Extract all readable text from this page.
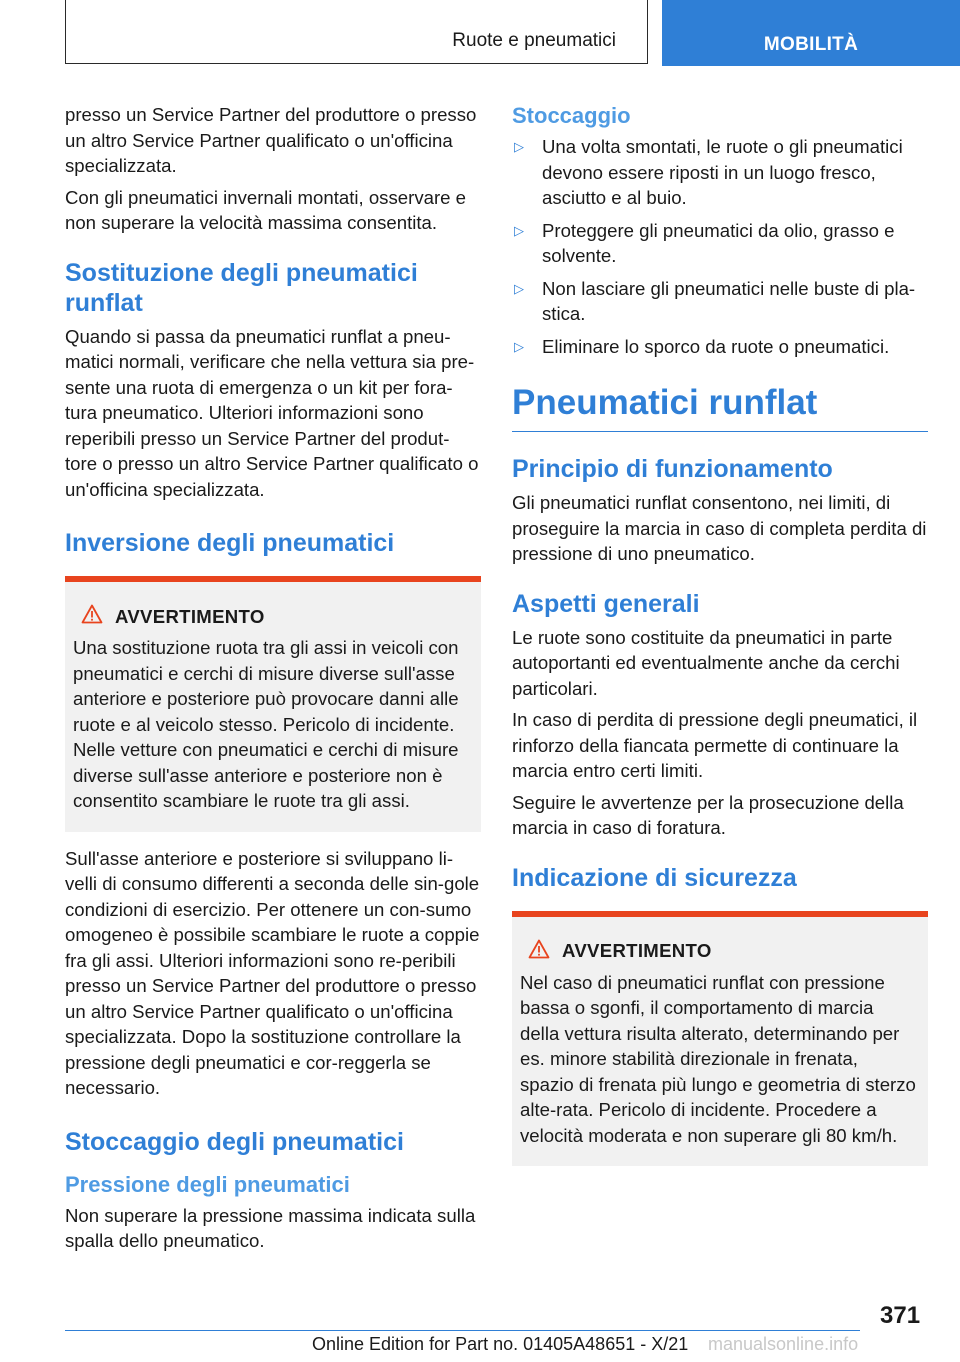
Ruote e pneumatici	MOBILITÀ

presso un Service Partner del produttore o presso un altro Service Partner qualificato o un'officina specializzata.

Con gli pneumatici invernali montati, osservare e non superare la velocità massima consentita.

Sostituzione degli pneumatici runflat

Quando si passa da pneumatici runflat a pneu-matici normali, verificare che nella vettura sia pre-sente una ruota di emergenza o un kit per fora-tura pneumatico. Ulteriori informazioni sono reperibili presso un Service Partner del produt-tore o presso un altro Service Partner qualificato o un'officina specializzata.

Inversione degli pneumatici
AVVERTIMENTO

Una sostituzione ruota tra gli assi in veicoli con pneumatici e cerchi di misure diverse sull'asse anteriore e posteriore può provocare danni alle ruote e al veicolo stesso. Pericolo di incidente. Nelle vetture con pneumatici e cerchi di misure diverse sull'asse anteriore e posteriore non è consentito scambiare le ruote tra gli assi.

Sull'asse anteriore e posteriore si sviluppano li-velli di consumo differenti a seconda delle sin-gole condizioni di esercizio. Per ottenere un con-sumo omogeneo è possibile scambiare le ruote a coppie fra gli assi. Ulteriori informazioni sono re-peribili presso un Service Partner del produttore o presso un altro Service Partner qualificato o un'officina specializzata. Dopo la sostituzione controllare la pressione degli pneumatici e cor-reggerla se necessario.

Stoccaggio degli pneumatici
Pressione degli pneumatici

Non superare la pressione massima indicata sulla spalla dello pneumatico.

Stoccaggio
▷ Una volta smontati, le ruote o gli pneumatici devono essere riposti in un luogo fresco, asciutto e al buio.
▷ Proteggere gli pneumatici da olio, grasso e solvente.
▷ Non lasciare gli pneumatici nelle buste di pla-stica.
▷ Eliminare lo sporco da ruote o pneumatici.
Pneumatici runflat
Principio di funzionamento

Gli pneumatici runflat consentono, nei limiti, di proseguire la marcia in caso di completa perdita di pressione di uno pneumatico.

Aspetti generali

Le ruote sono costituite da pneumatici in parte autoportanti ed eventualmente anche da cerchi particolari.

In caso di perdita di pressione degli pneumatici, il rinforzo della fiancata permette di continuare la marcia entro certi limiti.

Seguire le avvertenze per la prosecuzione della marcia in caso di foratura.

Indicazione di sicurezza
AVVERTIMENTO

Nel caso di pneumatici runflat con pressione bassa o sgonfi, il comportamento di marcia della vettura risulta alterato, determinando per es. minore stabilità direzionale in frenata, spazio di frenata più lungo e geometria di sterzo alte-rata. Pericolo di incidente. Procedere a velocità moderata e non superare gli 80 km/h.

371
Online Edition for Part no. 01405A48651 - X/21 manualsonline.info
